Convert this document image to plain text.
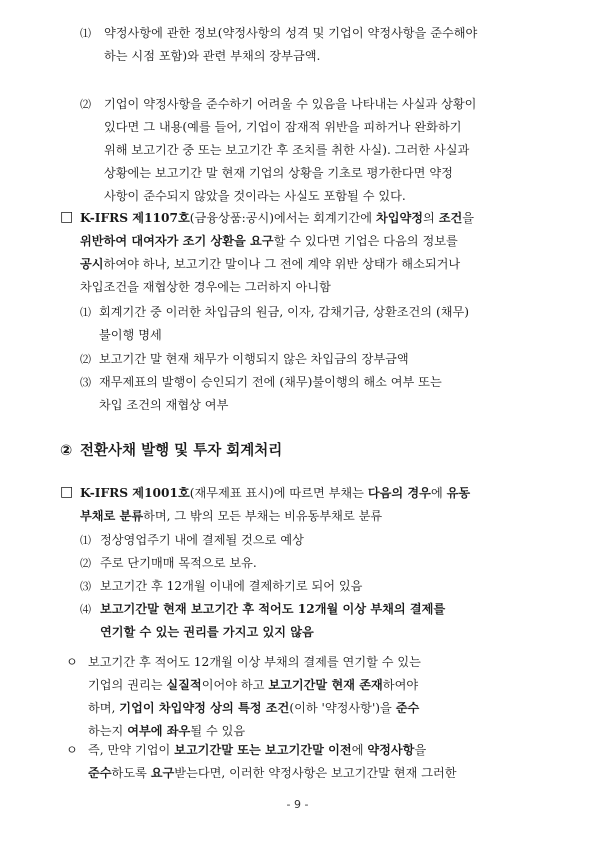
⑴ 약정사항에 관한 정보(약정사항의 성격 및 기업이 약정사항을 준수해야
하는 시점 포함)와 관련 부채의 장부금액.
⑵ 기업이 약정사항을 준수하기 어려울 수 있음을 나타내는 사실과 상황이
있다면 그 내용(예를 들어, 기업이 잠재적 위반을 피하거나 완화하기
위해 보고기간 중 또는 보고기간 후 조치를 취한 사실). 그러한 사실과
상황에는 보고기간 말 현재 기업의 상황을 기초로 평가한다면 약정
사항이 준수되지 않았을 것이라는 사실도 포함될 수 있다.
□ K-IFRS 제1107호(금융상품:공시)에서는 회계기간에 차입약정의 조건을
위반하여 대여자가 조기 상환을 요구할 수 있다면 기업은 다음의 정보를
공시하여야 하나, 보고기간 말이나 그 전에 계약 위반 상태가 해소되거나
차입조건을 재협상한 경우에는 그러하지 아니함
⑴ 회계기간 중 이러한 차입금의 원금, 이자, 감채기금, 상환조건의 (채무)
불이행 명세
⑵ 보고기간 말 현재 채무가 이행되지 않은 차입금의 장부금액
⑶ 재무제표의 발행이 승인되기 전에 (채무)불이행의 해소 여부 또는
차입 조건의 재협상 여부
② 전환사채 발행 및 투자 회계처리
□ K-IFRS 제1001호(재무제표 표시)에 따르면 부채는 다음의 경우에 유동
부채로 분류하며, 그 밖의 모든 부채는 비유동부채로 분류
⑴ 정상영업주기 내에 결제될 것으로 예상
⑵ 주로 단기매매 목적으로 보유.
⑶ 보고기간 후 12개월 이내에 결제하기로 되어 있음
⑷ 보고기간말 현재 보고기간 후 적어도 12개월 이상 부채의 결제를
연기할 수 있는 권리를 가지고 있지 않음
ㅇ 보고기간 후 적어도 12개월 이상 부채의 결제를 연기할 수 있는
기업의 권리는 실질적이어야 하고 보고기간말 현재 존재하여야
하며, 기업이 차입약정 상의 특정 조건(이하 '약정사항')을 준수
하는지 여부에 좌우될 수 있음
ㅇ 즉, 만약 기업이 보고기간말 또는 보고기간말 이전에 약정사항을
준수하도록 요구받는다면, 이러한 약정사항은 보고기간말 현재 그러한
- 9 -
